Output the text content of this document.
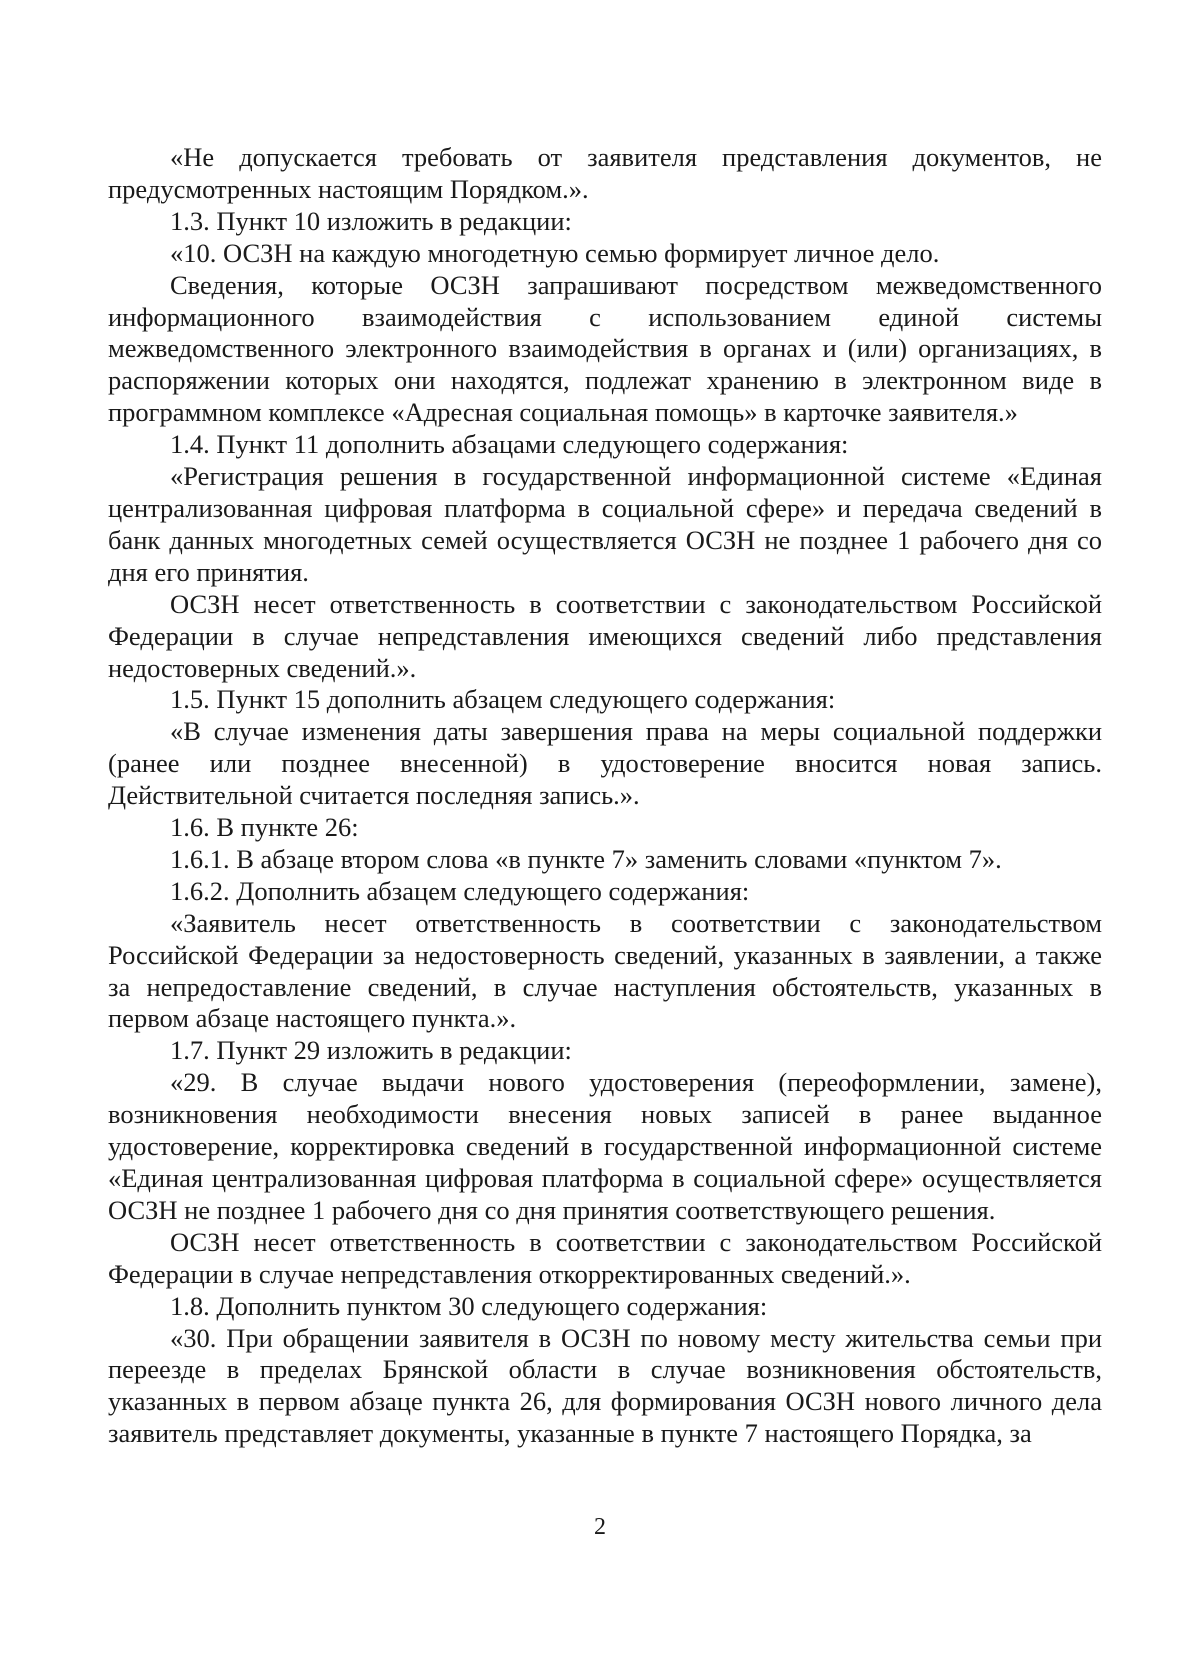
«Не допускается требовать от заявителя представления документов, не предусмотренных настоящим Порядком.».

1.3. Пункт 10 изложить в редакции:

«10. ОСЗН на каждую многодетную семью формирует личное дело.

Сведения, которые ОСЗН запрашивают посредством межведомственного информационного взаимодействия с использованием единой системы межведомственного электронного взаимодействия в органах и (или) организациях, в распоряжении которых они находятся, подлежат хранению в электронном виде в программном комплексе «Адресная социальная помощь» в карточке заявителя.»

1.4. Пункт 11 дополнить абзацами следующего содержания:

«Регистрация решения в государственной информационной системе «Единая централизованная цифровая платформа в социальной сфере» и передача сведений в банк данных многодетных семей осуществляется ОСЗН не позднее 1 рабочего дня со дня его принятия.

ОСЗН несет ответственность в соответствии с законодательством Российской Федерации в случае непредставления имеющихся сведений либо представления недостоверных сведений.».

1.5. Пункт 15 дополнить абзацем следующего содержания:

«В случае изменения даты завершения права на меры социальной поддержки (ранее или позднее внесенной) в удостоверение вносится новая запись. Действительной считается последняя запись.».

1.6. В пункте 26:

1.6.1. В абзаце втором слова «в пункте 7» заменить словами «пунктом 7».

1.6.2. Дополнить абзацем следующего содержания:

«Заявитель несет ответственность в соответствии с законодательством Российской Федерации за недостоверность сведений, указанных в заявлении, а также за непредоставление сведений, в случае наступления обстоятельств, указанных в первом абзаце настоящего пункта.».

1.7. Пункт 29 изложить в редакции:

«29. В случае выдачи нового удостоверения (переоформлении, замене), возникновения необходимости внесения новых записей в ранее выданное удостоверение, корректировка сведений в государственной информационной системе «Единая централизованная цифровая платформа в социальной сфере» осуществляется ОСЗН не позднее 1 рабочего дня со дня принятия соответствующего решения.

ОСЗН несет ответственность в соответствии с законодательством Российской Федерации в случае непредставления откорректированных сведений.».

1.8. Дополнить пунктом 30 следующего содержания:

«30. При обращении заявителя в ОСЗН по новому месту жительства семьи при переезде в пределах Брянской области в случае возникновения обстоятельств, указанных в первом абзаце пункта 26, для формирования ОСЗН нового личного дела заявитель представляет документы, указанные в пункте 7 настоящего Порядка, за

2
